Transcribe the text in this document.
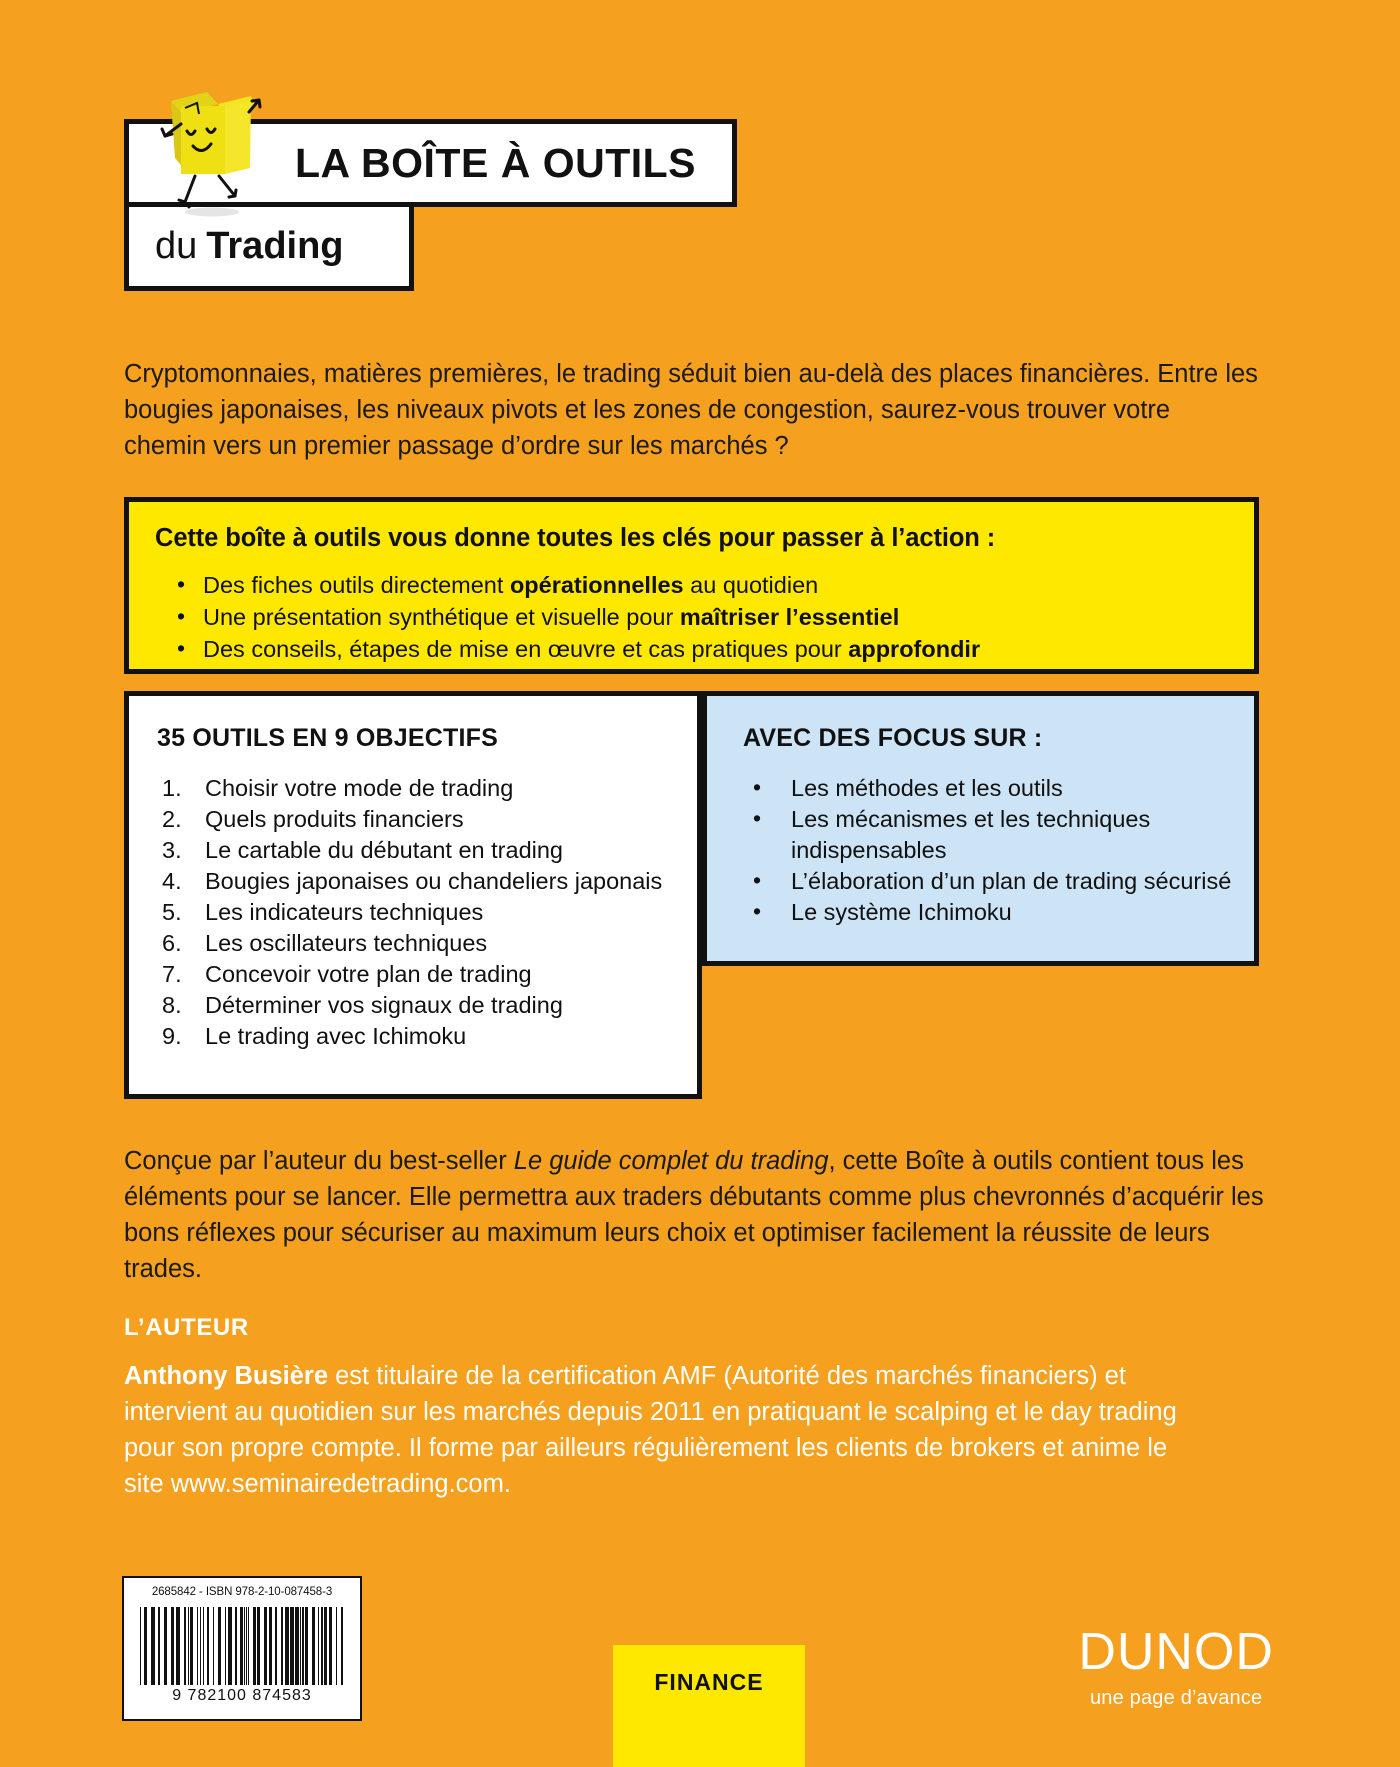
LA BOÎTE À OUTILS
du Trading

Cryptomonnaies, matières premières, le trading séduit bien au-delà des places financières. Entre les bougies japonaises, les niveaux pivots et les zones de congestion, saurez-vous trouver votre chemin vers un premier passage d’ordre sur les marchés ?

Cette boîte à outils vous donne toutes les clés pour passer à l’action :
• Des fiches outils directement opérationnelles au quotidien
• Une présentation synthétique et visuelle pour maîtriser l’essentiel
• Des conseils, étapes de mise en œuvre et cas pratiques pour approfondir
35 OUTILS EN 9 OBJECTIFS
Choisir votre mode de trading
Quels produits financiers
Le cartable du débutant en trading
Bougies japonaises ou chandeliers japonais
Les indicateurs techniques
Les oscillateurs techniques
Concevoir votre plan de trading
Déterminer vos signaux de trading
Le trading avec Ichimoku
AVEC DES FOCUS SUR :
• Les méthodes et les outils
• Les mécanismes et les techniques indispensables
• L’élaboration d’un plan de trading sécurisé
• Le système Ichimoku

Conçue par l’auteur du best-seller Le guide complet du trading, cette Boîte à outils contient tous les éléments pour se lancer. Elle permettra aux traders débutants comme plus chevronnés d’acquérir les bons réflexes pour sécuriser au maximum leurs choix et optimiser facilement la réussite de leurs trades.

L’AUTEUR

Anthony Busière est titulaire de la certification AMF (Autorité des marchés financiers) et intervient au quotidien sur les marchés depuis 2011 en pratiquant le scalping et le day trading pour son propre compte. Il forme par ailleurs régulièrement les clients de brokers et anime le site www.seminairedetrading.com.

2685842 - ISBN 978-2-10-087458-3
9 782100 874583
FINANCE
DUNOD
une page d’avance
